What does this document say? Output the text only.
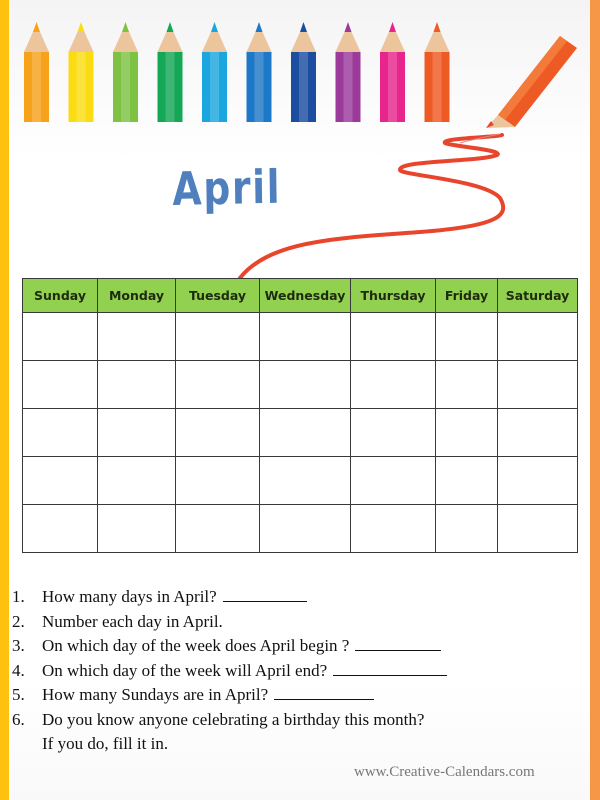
April
Sunday	Monday	Tuesday	Wednesday	Thursday	Friday	Saturday

1.	How many days in April?
2.	Number each day in April.
3.	On which day of the week does April begin ?
4.	On which day of the week will April end?
5.	How many Sundays are in April?
6.	Do you know anyone celebrating a birthday this month?
If you do, fill it in.
www.Creative-Calendars.com
